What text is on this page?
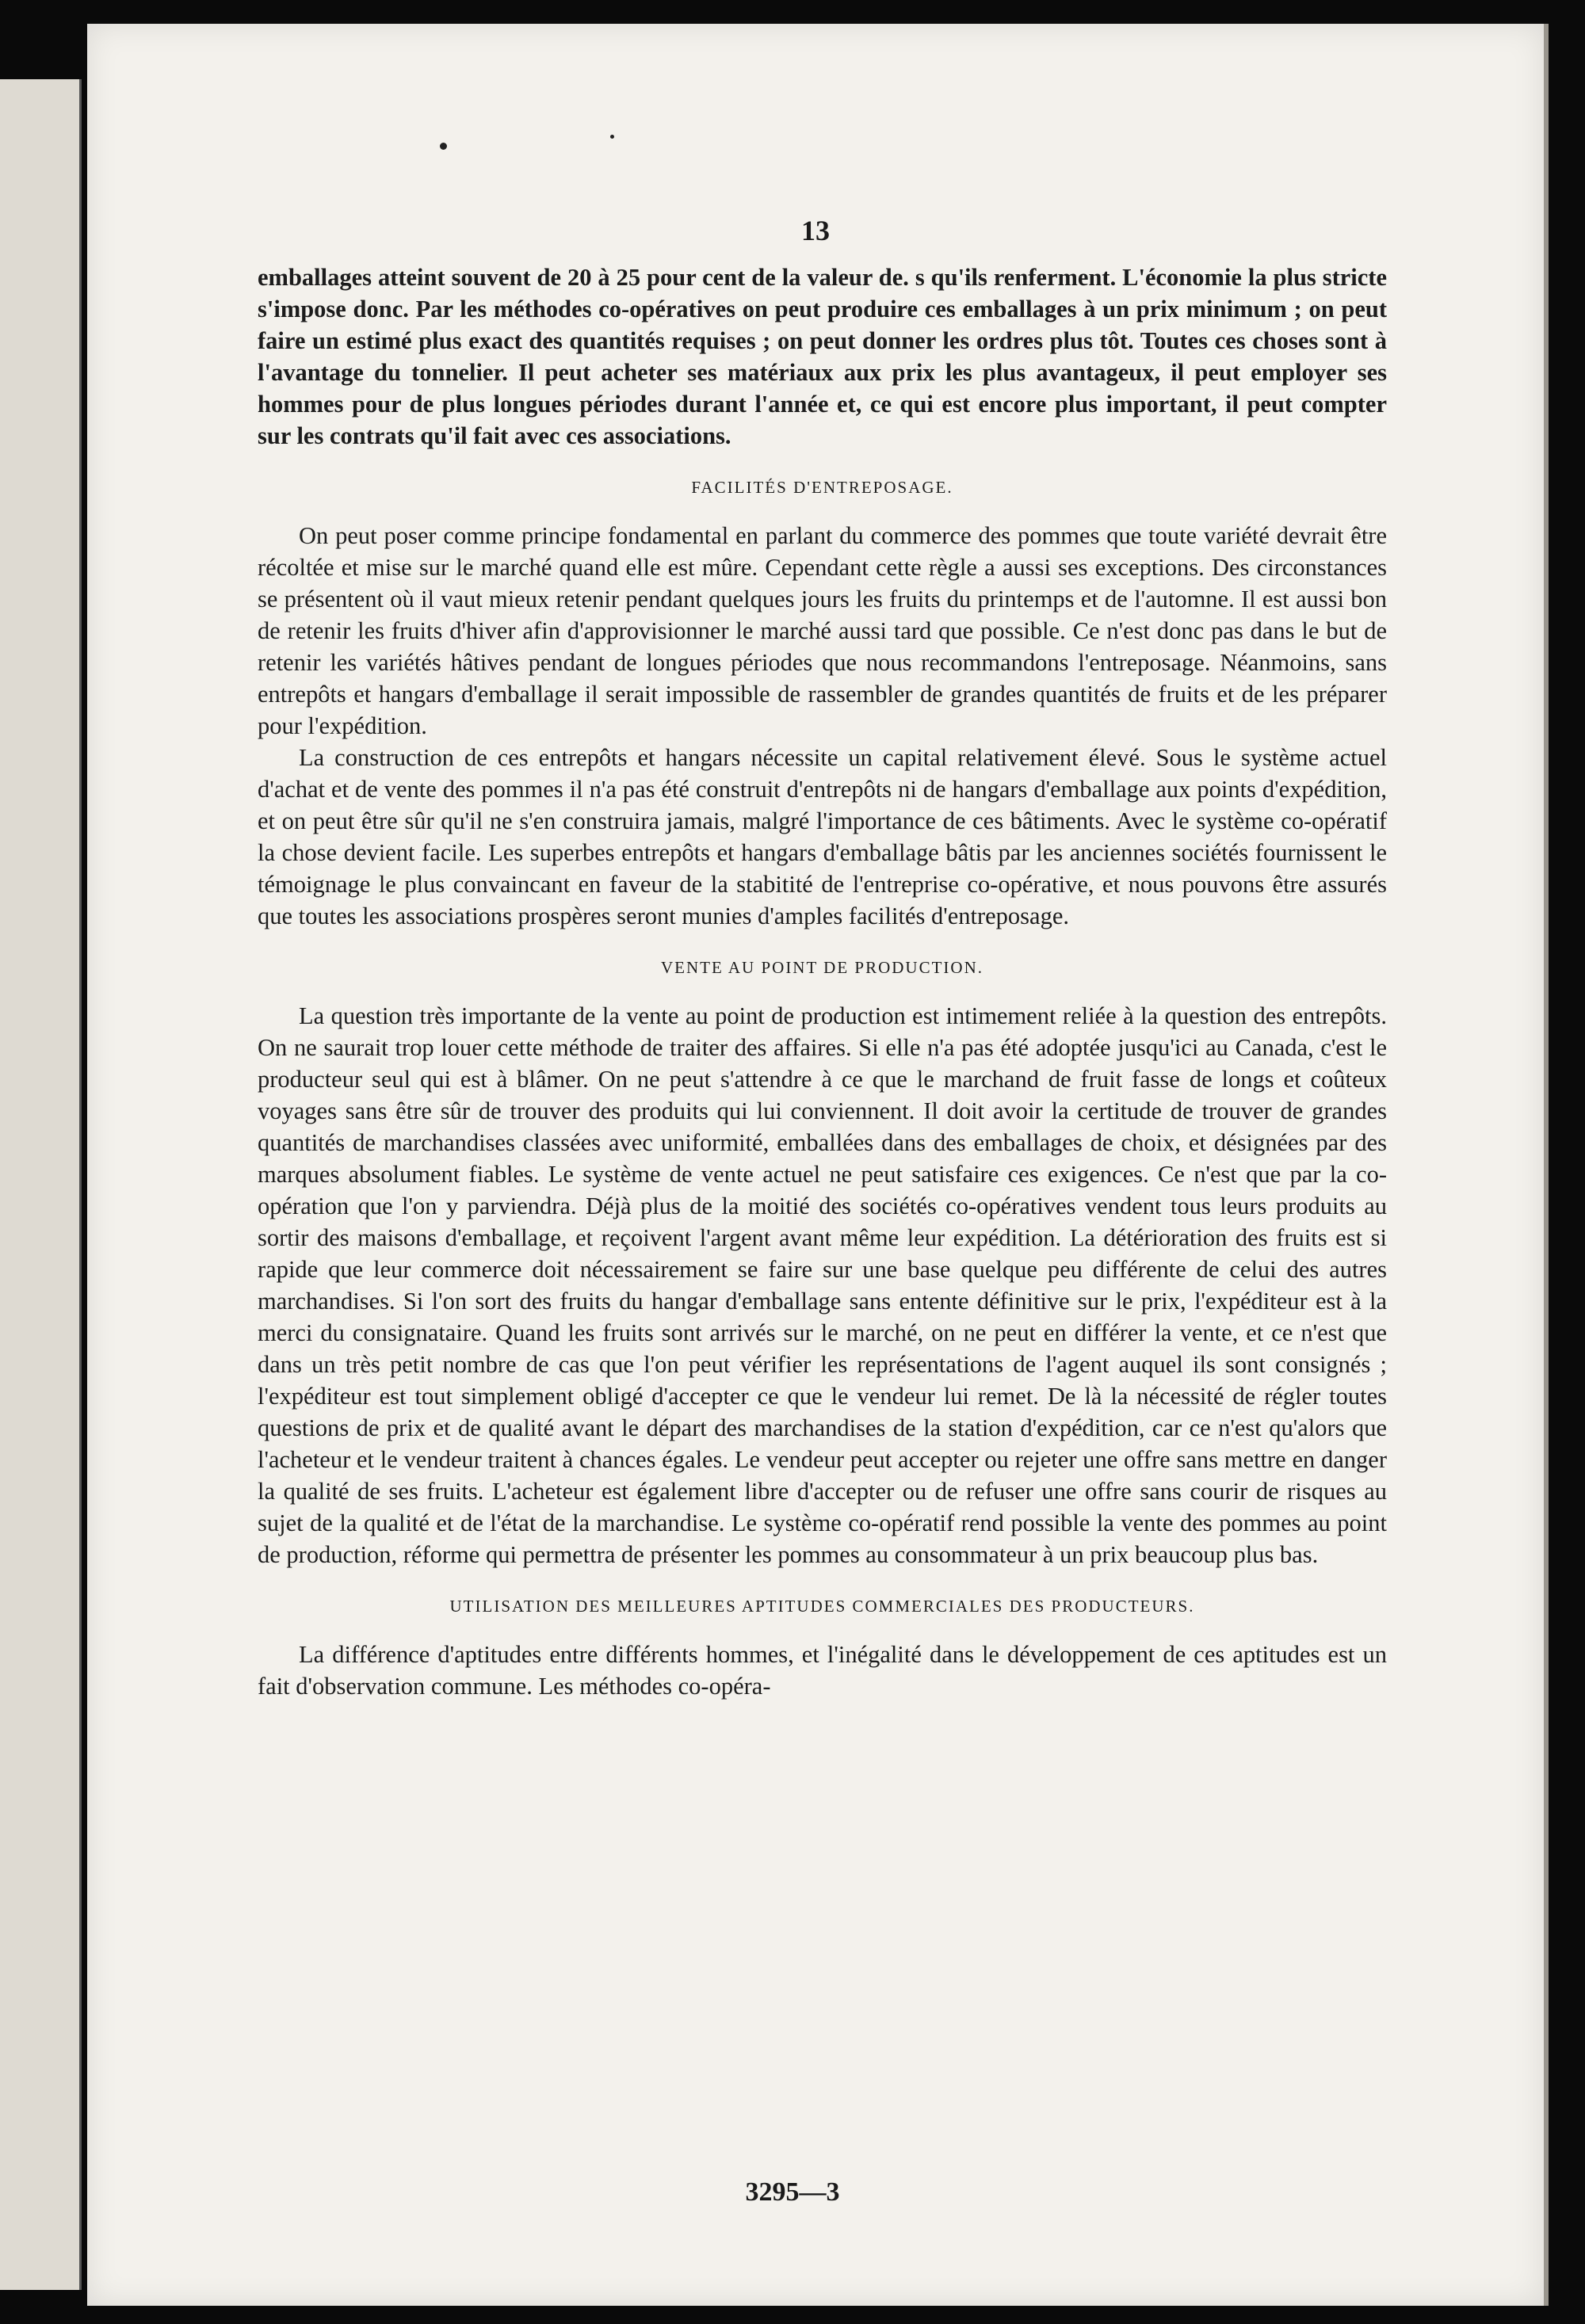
13

emballages atteint souvent de 20 à 25 pour cent de la valeur de. s qu'ils renferment. L'économie la plus stricte s'impose donc. Par les méthodes co-opératives on peut produire ces emballages à un prix minimum ; on peut faire un estimé plus exact des quantités requises ; on peut donner les ordres plus tôt. Toutes ces choses sont à l'avantage du tonnelier. Il peut acheter ses matériaux aux prix les plus avantageux, il peut employer ses hommes pour de plus longues périodes durant l'année et, ce qui est encore plus important, il peut compter sur les contrats qu'il fait avec ces associations.

FACILITÉS D'ENTREPOSAGE.

On peut poser comme principe fondamental en parlant du commerce des pommes que toute variété devrait être récoltée et mise sur le marché quand elle est mûre. Cependant cette règle a aussi ses exceptions. Des circonstances se présentent où il vaut mieux retenir pendant quelques jours les fruits du printemps et de l'automne. Il est aussi bon de retenir les fruits d'hiver afin d'approvisionner le marché aussi tard que possible. Ce n'est donc pas dans le but de retenir les variétés hâtives pendant de longues périodes que nous recommandons l'entreposage. Néanmoins, sans entrepôts et hangars d'emballage il serait impossible de rassembler de grandes quantités de fruits et de les préparer pour l'expédition.

La construction de ces entrepôts et hangars nécessite un capital relativement élevé. Sous le système actuel d'achat et de vente des pommes il n'a pas été construit d'entrepôts ni de hangars d'emballage aux points d'expédition, et on peut être sûr qu'il ne s'en construira jamais, malgré l'importance de ces bâtiments. Avec le système co-opératif la chose devient facile. Les superbes entrepôts et hangars d'emballage bâtis par les anciennes sociétés fournissent le témoignage le plus convaincant en faveur de la stabitité de l'entreprise co-opérative, et nous pouvons être assurés que toutes les associations prospères seront munies d'amples facilités d'entreposage.

VENTE AU POINT DE PRODUCTION.

La question très importante de la vente au point de production est intimement reliée à la question des entrepôts. On ne saurait trop louer cette méthode de traiter des affaires. Si elle n'a pas été adoptée jusqu'ici au Canada, c'est le producteur seul qui est à blâmer. On ne peut s'attendre à ce que le marchand de fruit fasse de longs et coûteux voyages sans être sûr de trouver des produits qui lui conviennent. Il doit avoir la certitude de trouver de grandes quantités de marchandises classées avec uniformité, emballées dans des emballages de choix, et désignées par des marques absolument fiables. Le système de vente actuel ne peut satisfaire ces exigences. Ce n'est que par la co-opération que l'on y parviendra. Déjà plus de la moitié des sociétés co-opératives vendent tous leurs produits au sortir des maisons d'emballage, et reçoivent l'argent avant même leur expédition. La détérioration des fruits est si rapide que leur commerce doit nécessairement se faire sur une base quelque peu différente de celui des autres marchandises. Si l'on sort des fruits du hangar d'emballage sans entente définitive sur le prix, l'expéditeur est à la merci du consignataire. Quand les fruits sont arrivés sur le marché, on ne peut en différer la vente, et ce n'est que dans un très petit nombre de cas que l'on peut vérifier les représentations de l'agent auquel ils sont consignés ; l'expéditeur est tout simplement obligé d'accepter ce que le vendeur lui remet. De là la nécessité de régler toutes questions de prix et de qualité avant le départ des marchandises de la station d'expédition, car ce n'est qu'alors que l'acheteur et le vendeur traitent à chances égales. Le vendeur peut accepter ou rejeter une offre sans mettre en danger la qualité de ses fruits. L'acheteur est également libre d'accepter ou de refuser une offre sans courir de risques au sujet de la qualité et de l'état de la marchandise. Le système co-opératif rend possible la vente des pommes au point de production, réforme qui permettra de présenter les pommes au consommateur à un prix beaucoup plus bas.

UTILISATION DES MEILLEURES APTITUDES COMMERCIALES DES PRODUCTEURS.

La différence d'aptitudes entre différents hommes, et l'inégalité dans le développement de ces aptitudes est un fait d'observation commune. Les méthodes co-opéra-

3295—3
